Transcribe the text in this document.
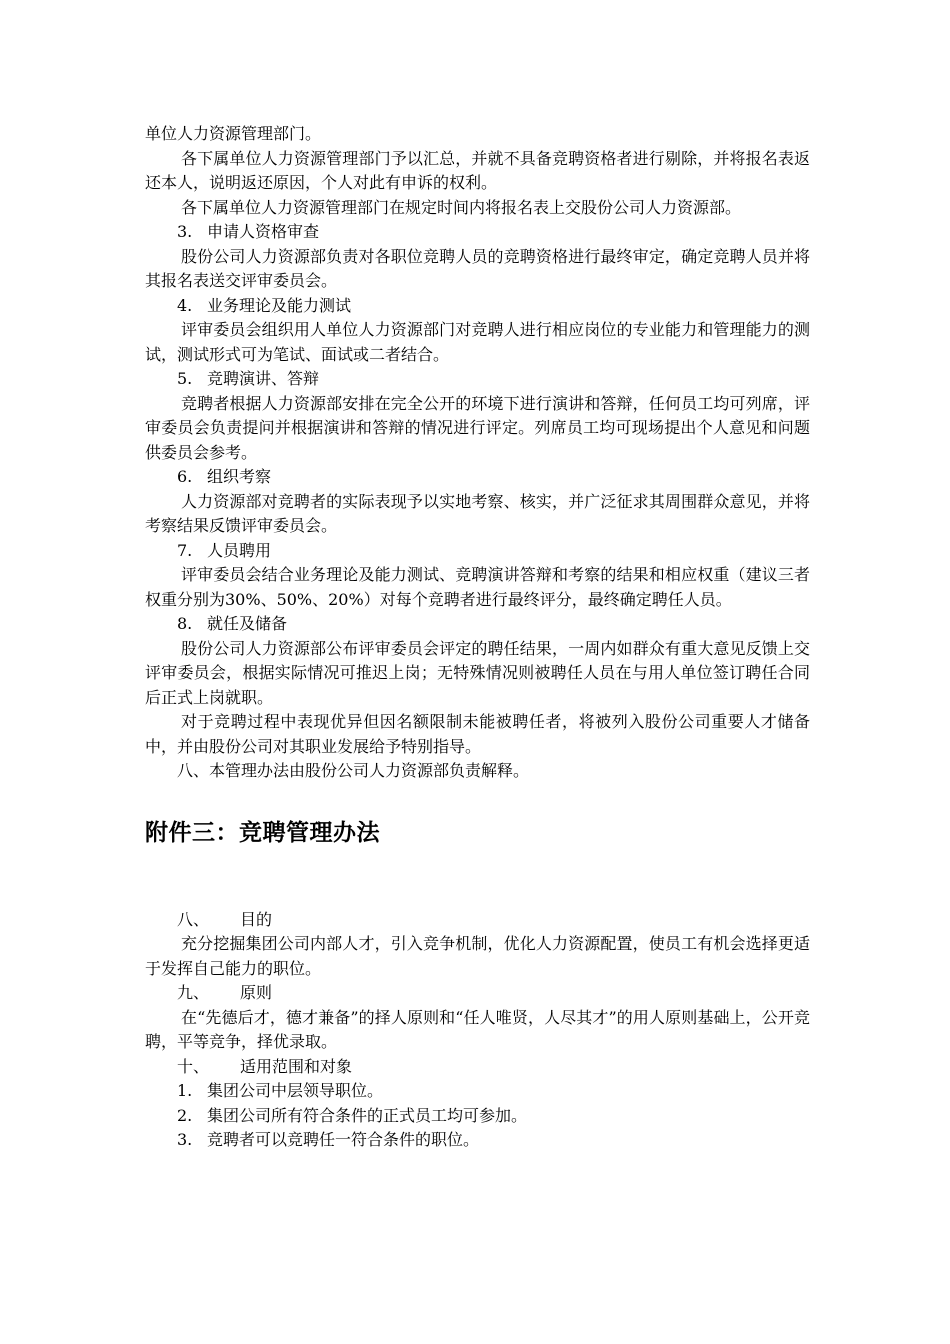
单位人力资源管理部门。

各下属单位人力资源管理部门予以汇总，并就不具备竞聘资格者进行剔除，并将报名表返还本人，说明返还原因，个人对此有申诉的权利。

各下属单位人力资源管理部门在规定时间内将报名表上交股份公司人力资源部。

3. 申请人资格审查

股份公司人力资源部负责对各职位竞聘人员的竞聘资格进行最终审定，确定竞聘人员并将其报名表送交评审委员会。

4. 业务理论及能力测试

评审委员会组织用人单位人力资源部门对竞聘人进行相应岗位的专业能力和管理能力的测试，测试形式可为笔试、面试或二者结合。

5. 竞聘演讲、答辩

竞聘者根据人力资源部安排在完全公开的环境下进行演讲和答辩，任何员工均可列席，评审委员会负责提问并根据演讲和答辩的情况进行评定。列席员工均可现场提出个人意见和问题供委员会参考。

6. 组织考察

人力资源部对竞聘者的实际表现予以实地考察、核实，并广泛征求其周围群众意见，并将考察结果反馈评审委员会。

7. 人员聘用

评审委员会结合业务理论及能力测试、竞聘演讲答辩和考察的结果和相应权重（建议三者权重分别为30%、50%、20%）对每个竞聘者进行最终评分，最终确定聘任人员。

8. 就任及储备

股份公司人力资源部公布评审委员会评定的聘任结果，一周内如群众有重大意见反馈上交评审委员会，根据实际情况可推迟上岗；无特殊情况则被聘任人员在与用人单位签订聘任合同后正式上岗就职。

对于竞聘过程中表现优异但因名额限制未能被聘任者，将被列入股份公司重要人才储备中，并由股份公司对其职业发展给予特别指导。

八、本管理办法由股份公司人力资源部负责解释。

附件三：竞聘管理办法

八、 目的

充分挖掘集团公司内部人才，引入竞争机制，优化人力资源配置，使员工有机会选择更适于发挥自己能力的职位。

九、 原则

在“先德后才，德才兼备”的择人原则和“任人唯贤，人尽其才”的用人原则基础上，公开竞聘，平等竞争，择优录取。

十、 适用范围和对象

1. 集团公司中层领导职位。

2. 集团公司所有符合条件的正式员工均可参加。

3. 竞聘者可以竞聘任一符合条件的职位。
